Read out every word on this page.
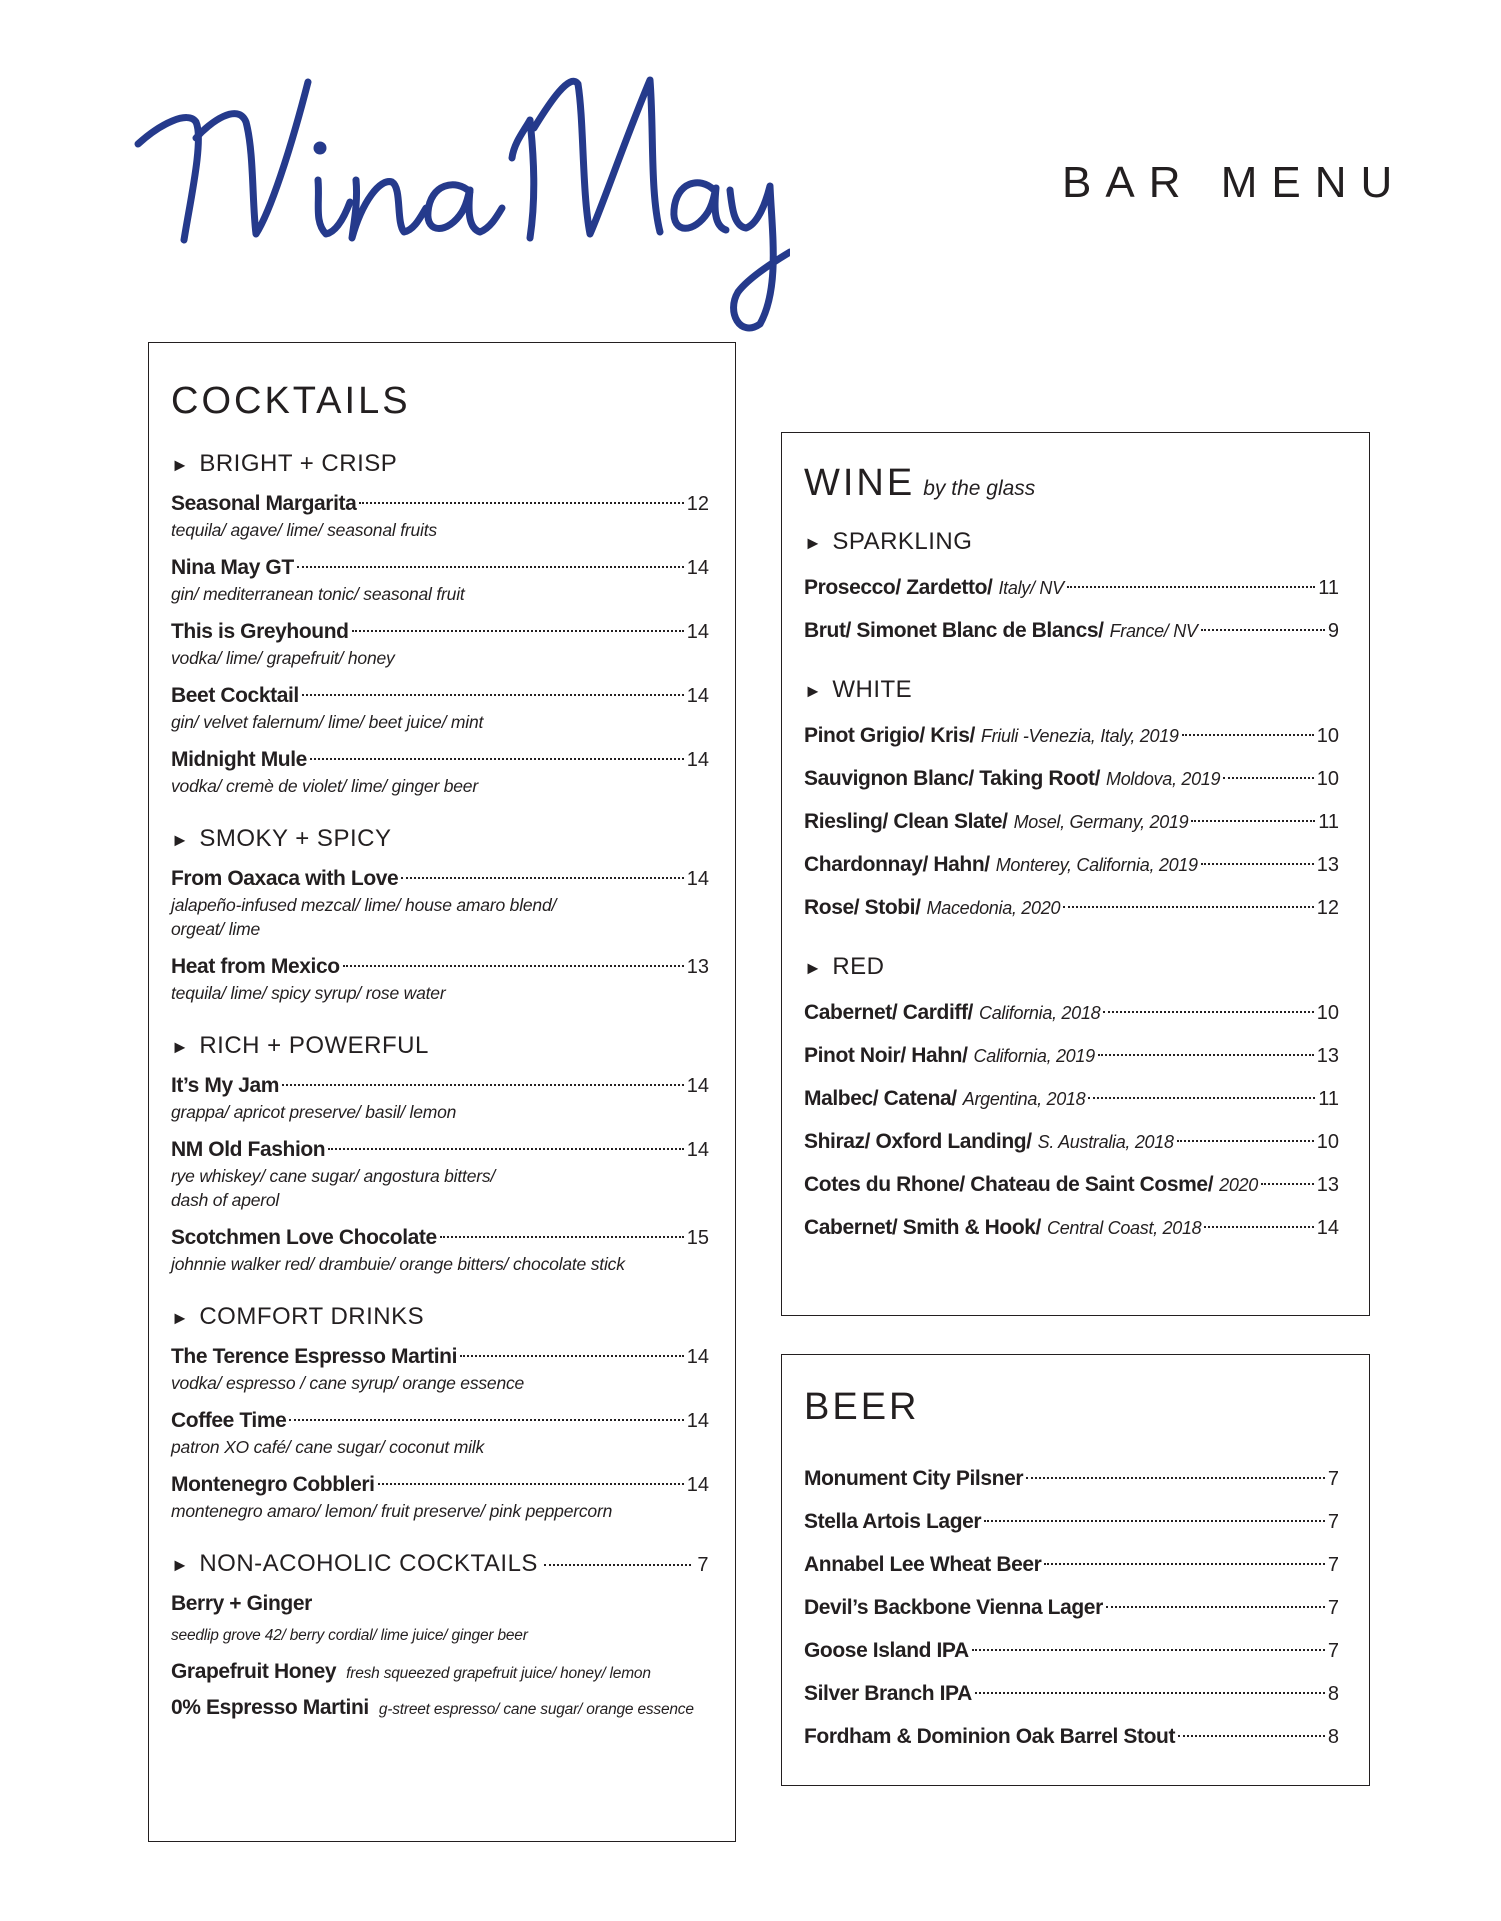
BAR MENU
COCKTAILS
► BRIGHT + CRISP
Seasonal Margarita	12
tequila/ agave/ lime/ seasonal fruits
Nina May GT	14
gin/ mediterranean tonic/ seasonal fruit
This is Greyhound	14
vodka/ lime/ grapefruit/ honey
Beet Cocktail	14
gin/ velvet falernum/ lime/ beet juice/ mint
Midnight Mule	14
vodka/ cremè de violet/ lime/ ginger beer
► SMOKY + SPICY
From Oaxaca with Love	14
jalapeño-infused mezcal/ lime/ house amaro blend/
orgeat/ lime
Heat from Mexico	13
tequila/ lime/ spicy syrup/ rose water
► RICH + POWERFUL
It’s My Jam	14
grappa/ apricot preserve/ basil/ lemon
NM Old Fashion	14
rye whiskey/ cane sugar/ angostura bitters/
dash of aperol
Scotchmen Love Chocolate	15
johnnie walker red/ drambuie/ orange bitters/ chocolate stick
► COMFORT DRINKS
The Terence Espresso Martini	14
vodka/ espresso / cane syrup/ orange essence
Coffee Time	14
patron XO café/ cane sugar/ coconut milk
Montenegro Cobbleri	14
montenegro amaro/ lemon/ fruit preserve/ pink peppercorn
► NON-ACOHOLIC COCKTAILS	7
Berry + Ginger
seedlip grove 42/ berry cordial/ lime juice/ ginger beer
Grapefruit Honey fresh squeezed grapefruit juice/ honey/ lemon
0% Espresso Martini g-street espresso/ cane sugar/ orange essence
WINE by the glass
► SPARKLING
Prosecco/ Zardetto/ Italy/ NV	11
Brut/ Simonet Blanc de Blancs/ France/ NV	9
► WHITE
Pinot Grigio/ Kris/ Friuli -Venezia, Italy, 2019	10
Sauvignon Blanc/ Taking Root/ Moldova, 2019	10
Riesling/ Clean Slate/ Mosel, Germany, 2019	11
Chardonnay/ Hahn/ Monterey, California, 2019	13
Rose/ Stobi/ Macedonia, 2020	12
► RED
Cabernet/ Cardiff/ California, 2018	10
Pinot Noir/ Hahn/ California, 2019	13
Malbec/ Catena/ Argentina, 2018	11
Shiraz/ Oxford Landing/ S. Australia, 2018	10
Cotes du Rhone/ Chateau de Saint Cosme/ 2020	13
Cabernet/ Smith & Hook/ Central Coast, 2018	14
BEER
Monument City Pilsner	7
Stella Artois Lager	7
Annabel Lee Wheat Beer	7
Devil’s Backbone Vienna Lager	7
Goose Island IPA	7
Silver Branch IPA	8
Fordham & Dominion Oak Barrel Stout	8
